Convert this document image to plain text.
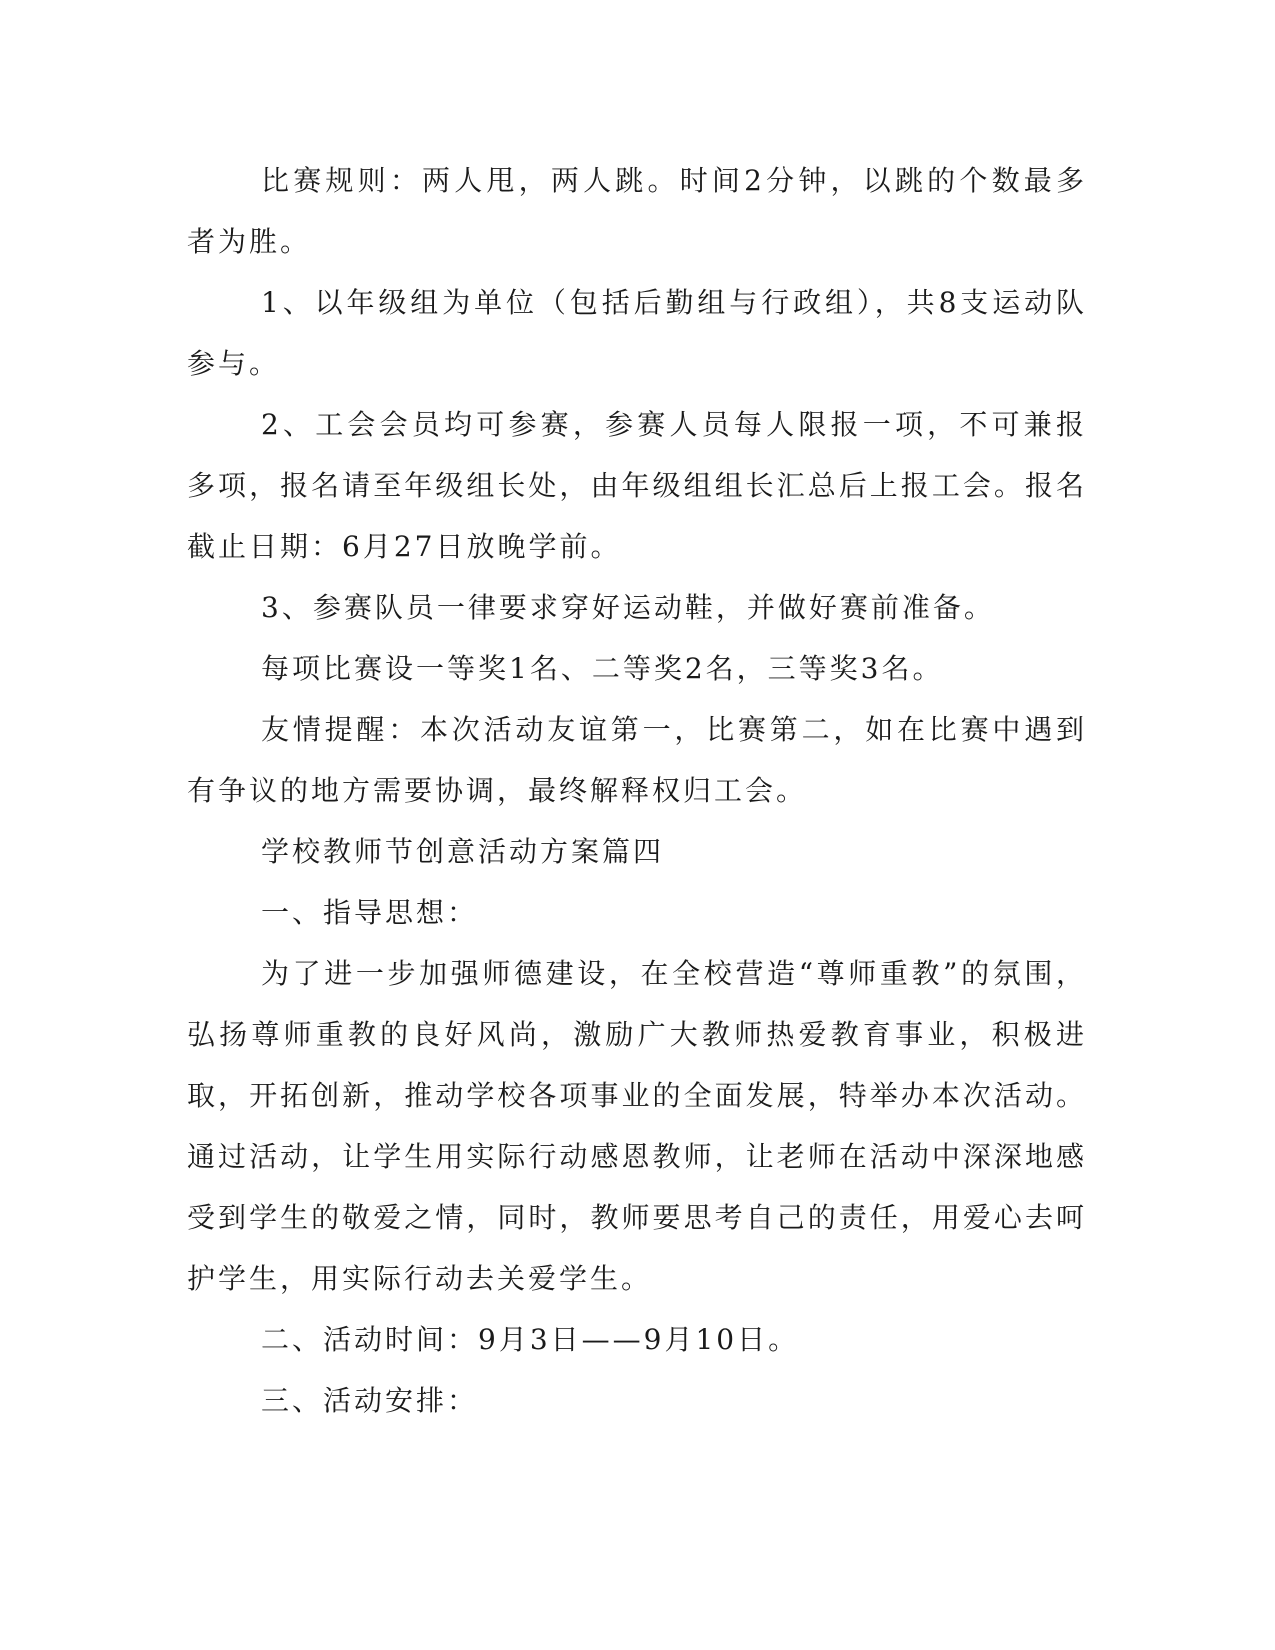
比赛规则：两人甩，两人跳。时间2分钟，以跳的个数最多者为胜。

1、以年级组为单位（包括后勤组与行政组），共8支运动队参与。

2、工会会员均可参赛，参赛人员每人限报一项，不可兼报多项，报名请至年级组长处，由年级组组长汇总后上报工会。报名截止日期：6月27日放晚学前。

3、参赛队员一律要求穿好运动鞋，并做好赛前准备。

每项比赛设一等奖1名、二等奖2名，三等奖3名。

友情提醒：本次活动友谊第一，比赛第二，如在比赛中遇到有争议的地方需要协调，最终解释权归工会。

学校教师节创意活动方案篇四

一、指导思想：

为了进一步加强师德建设，在全校营造“尊师重教”的氛围，弘扬尊师重教的良好风尚，激励广大教师热爱教育事业，积极进取，开拓创新，推动学校各项事业的全面发展，特举办本次活动。通过活动，让学生用实际行动感恩教师，让老师在活动中深深地感受到学生的敬爱之情，同时，教师要思考自己的责任，用爱心去呵护学生，用实际行动去关爱学生。

二、活动时间：9月3日——9月10日。

三、活动安排：
